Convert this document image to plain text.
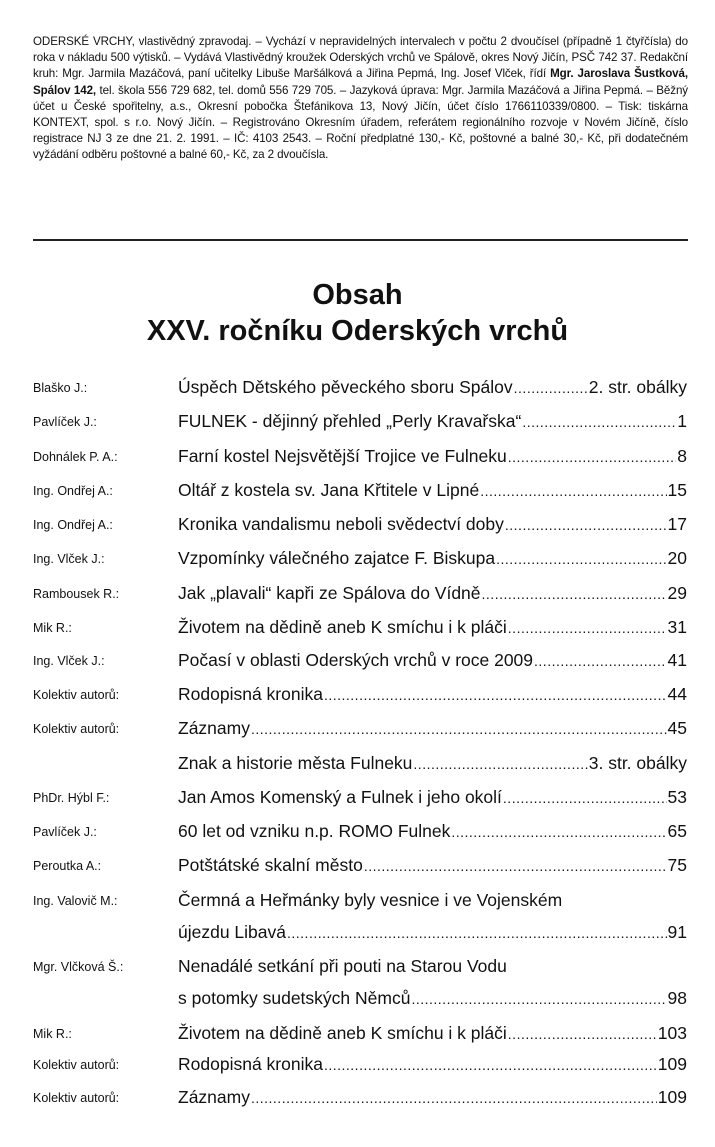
ODERSKÉ VRCHY, vlastivědný zpravodaj. – Vychází v nepravidelných intervalech v počtu 2 dvoučísel (případně 1 čtyřčísla) do roka v nákladu 500 výtisků. – Vydává Vlastivědný kroužek Oderských vrchů ve Spálově, okres Nový Jičín, PSČ 742 37. Redakční kruh: Mgr. Jarmila Mazáčová, paní učitelky Libuše Maršálková a Jiřina Pepmá, Ing. Josef Vlček, řídí Mgr. Jaroslava Šustková, Spálov 142, tel. škola 556 729 682, tel. domů 556 729 705. – Jazyková úprava: Mgr. Jarmila Mazáčová a Jiřina Pepmá. – Běžný účet u České spořitelny, a.s., Okresní pobočka Štefánikova 13, Nový Jičín, účet číslo 1766110339/0800. – Tisk: tiskárna KONTEXT, spol. s r.o. Nový Jičín. – Registrováno Okresním úřadem, referátem regionálního rozvoje v Novém Jičíně, číslo registrace NJ 3 ze dne 21. 2. 1991. – IČ: 4103 2543. – Roční předplatné 130,- Kč, poštovné a balné 30,- Kč, při dodatečném vyžádání odběru poštovné a balné 60,- Kč, za 2 dvoučísla.

Obsah
XXV. ročníku Oderských vrchů
Blaško J.:	Úspěch Dětského pěveckého sboru Spálov .....	2. str. obálky
Pavlíček J.:	FULNEK - dějinný přehled „Perly Kravařska“ .....	1
Dohnálek P. A.:	Farní kostel Nejsvětější Trojice ve Fulneku .....	8
Ing. Ondřej A.:	Oltář z kostela sv. Jana Křtitele v Lipné .....	15
Ing. Ondřej A.:	Kronika vandalismu neboli svědectví doby .....	17
Ing. Vlček J.:	Vzpomínky válečného zajatce F. Biskupa .....	20
Rambousek R.:	Jak „plavali“ kapři ze Spálova do Vídně .....	29
Mik R.:	Životem na dědině aneb K smíchu i k pláči .....	31
Ing. Vlček J.:	Počasí v oblasti Oderských vrchů v roce 2009 .....	41
Kolektiv autorů:	Rodopisná kronika .....	44
Kolektiv autorů:	Záznamy .....	45
Znak a historie města Fulneku .....	3. str. obálky
PhDr. Hýbl F.:	Jan Amos Komenský a Fulnek i jeho okolí .....	53
Pavlíček J.:	60 let od vzniku n.p. ROMO Fulnek .....	65
Peroutka A.:	Potštátské skalní město .....	75
Ing. Valovič M.:	Čermná a Heřmánky byly vesnice i ve Vojenském
újezdu Libavá .....	91
Mgr. Vlčková Š.:	Nenadálé setkání při pouti na Starou Vodu
s potomky sudetských Němců .....	98
Mik R.:	Životem na dědině aneb K smíchu i k pláči .....	103
Kolektiv autorů:	Rodopisná kronika .....	109
Kolektiv autorů:	Záznamy .....	109
